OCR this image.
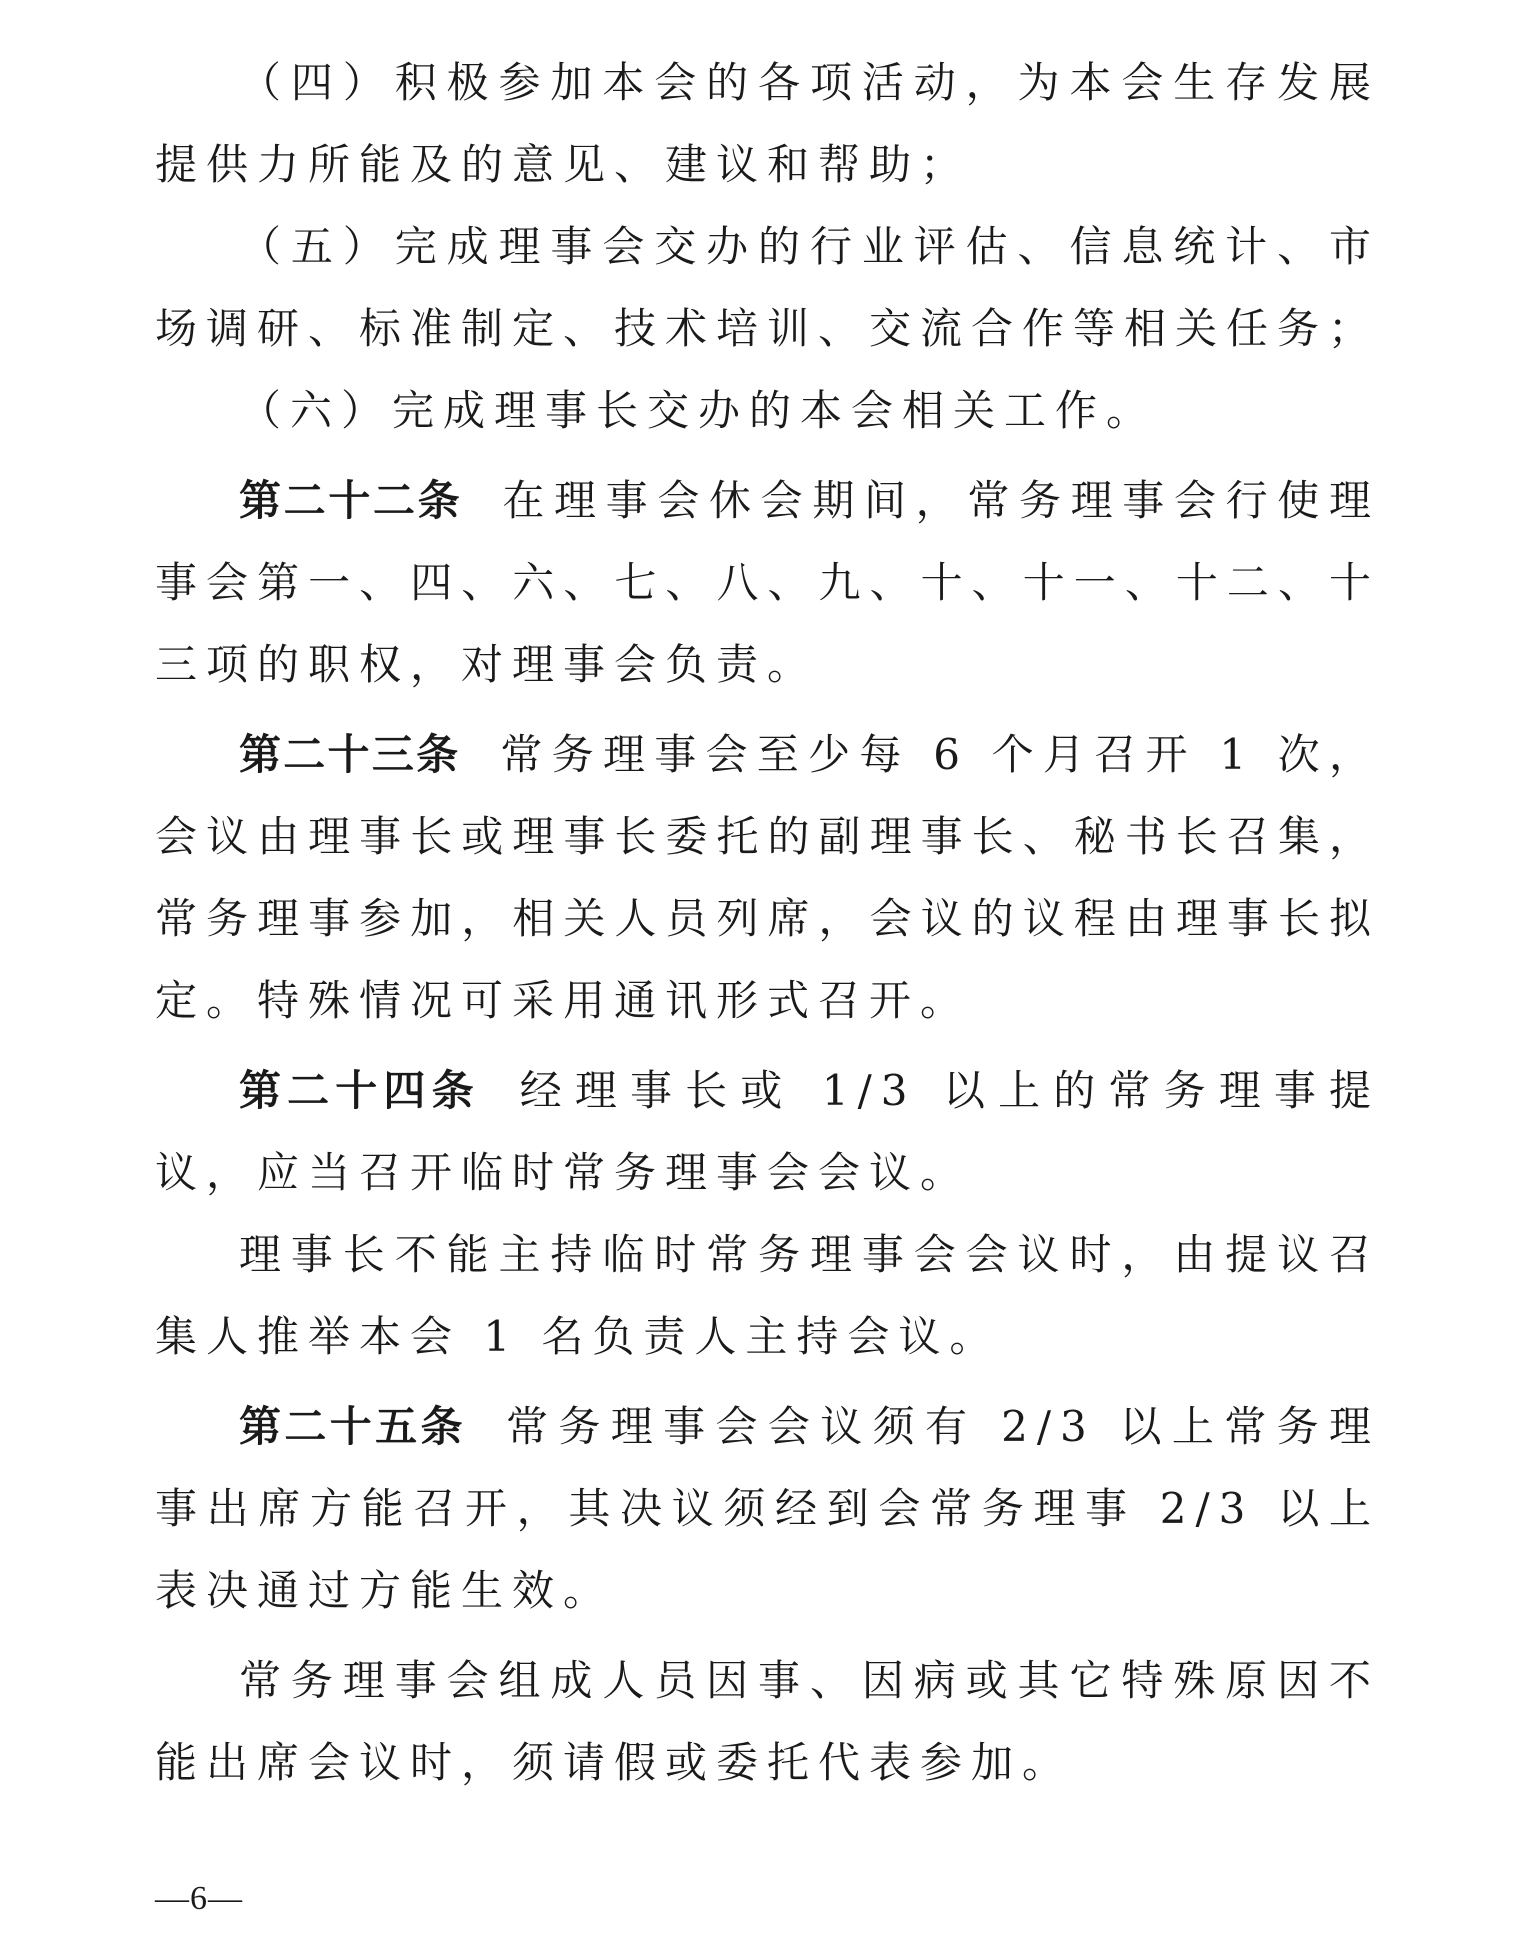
（四）积极参加本会的各项活动，为本会生存发展提供力所能及的意见、建议和帮助；

（五）完成理事会交办的行业评估、信息统计、市场调研、标准制定、技术培训、交流合作等相关任务；

（六）完成理事长交办的本会相关工作。

第二十二条 在理事会休会期间，常务理事会行使理事会第一、四、六、七、八、九、十、十一、十二、十三项的职权，对理事会负责。

第二十三条 常务理事会至少每 6 个月召开 1 次，会议由理事长或理事长委托的副理事长、秘书长召集，常务理事参加，相关人员列席，会议的议程由理事长拟定。特殊情况可采用通讯形式召开。

第二十四条 经理事长或 1/3 以上的常务理事提议，应当召开临时常务理事会会议。

理事长不能主持临时常务理事会会议时，由提议召集人推举本会 1 名负责人主持会议。

第二十五条 常务理事会会议须有 2/3 以上常务理事出席方能召开，其决议须经到会常务理事 2/3 以上表决通过方能生效。

常务理事会组成人员因事、因病或其它特殊原因不能出席会议时，须请假或委托代表参加。

—6—
